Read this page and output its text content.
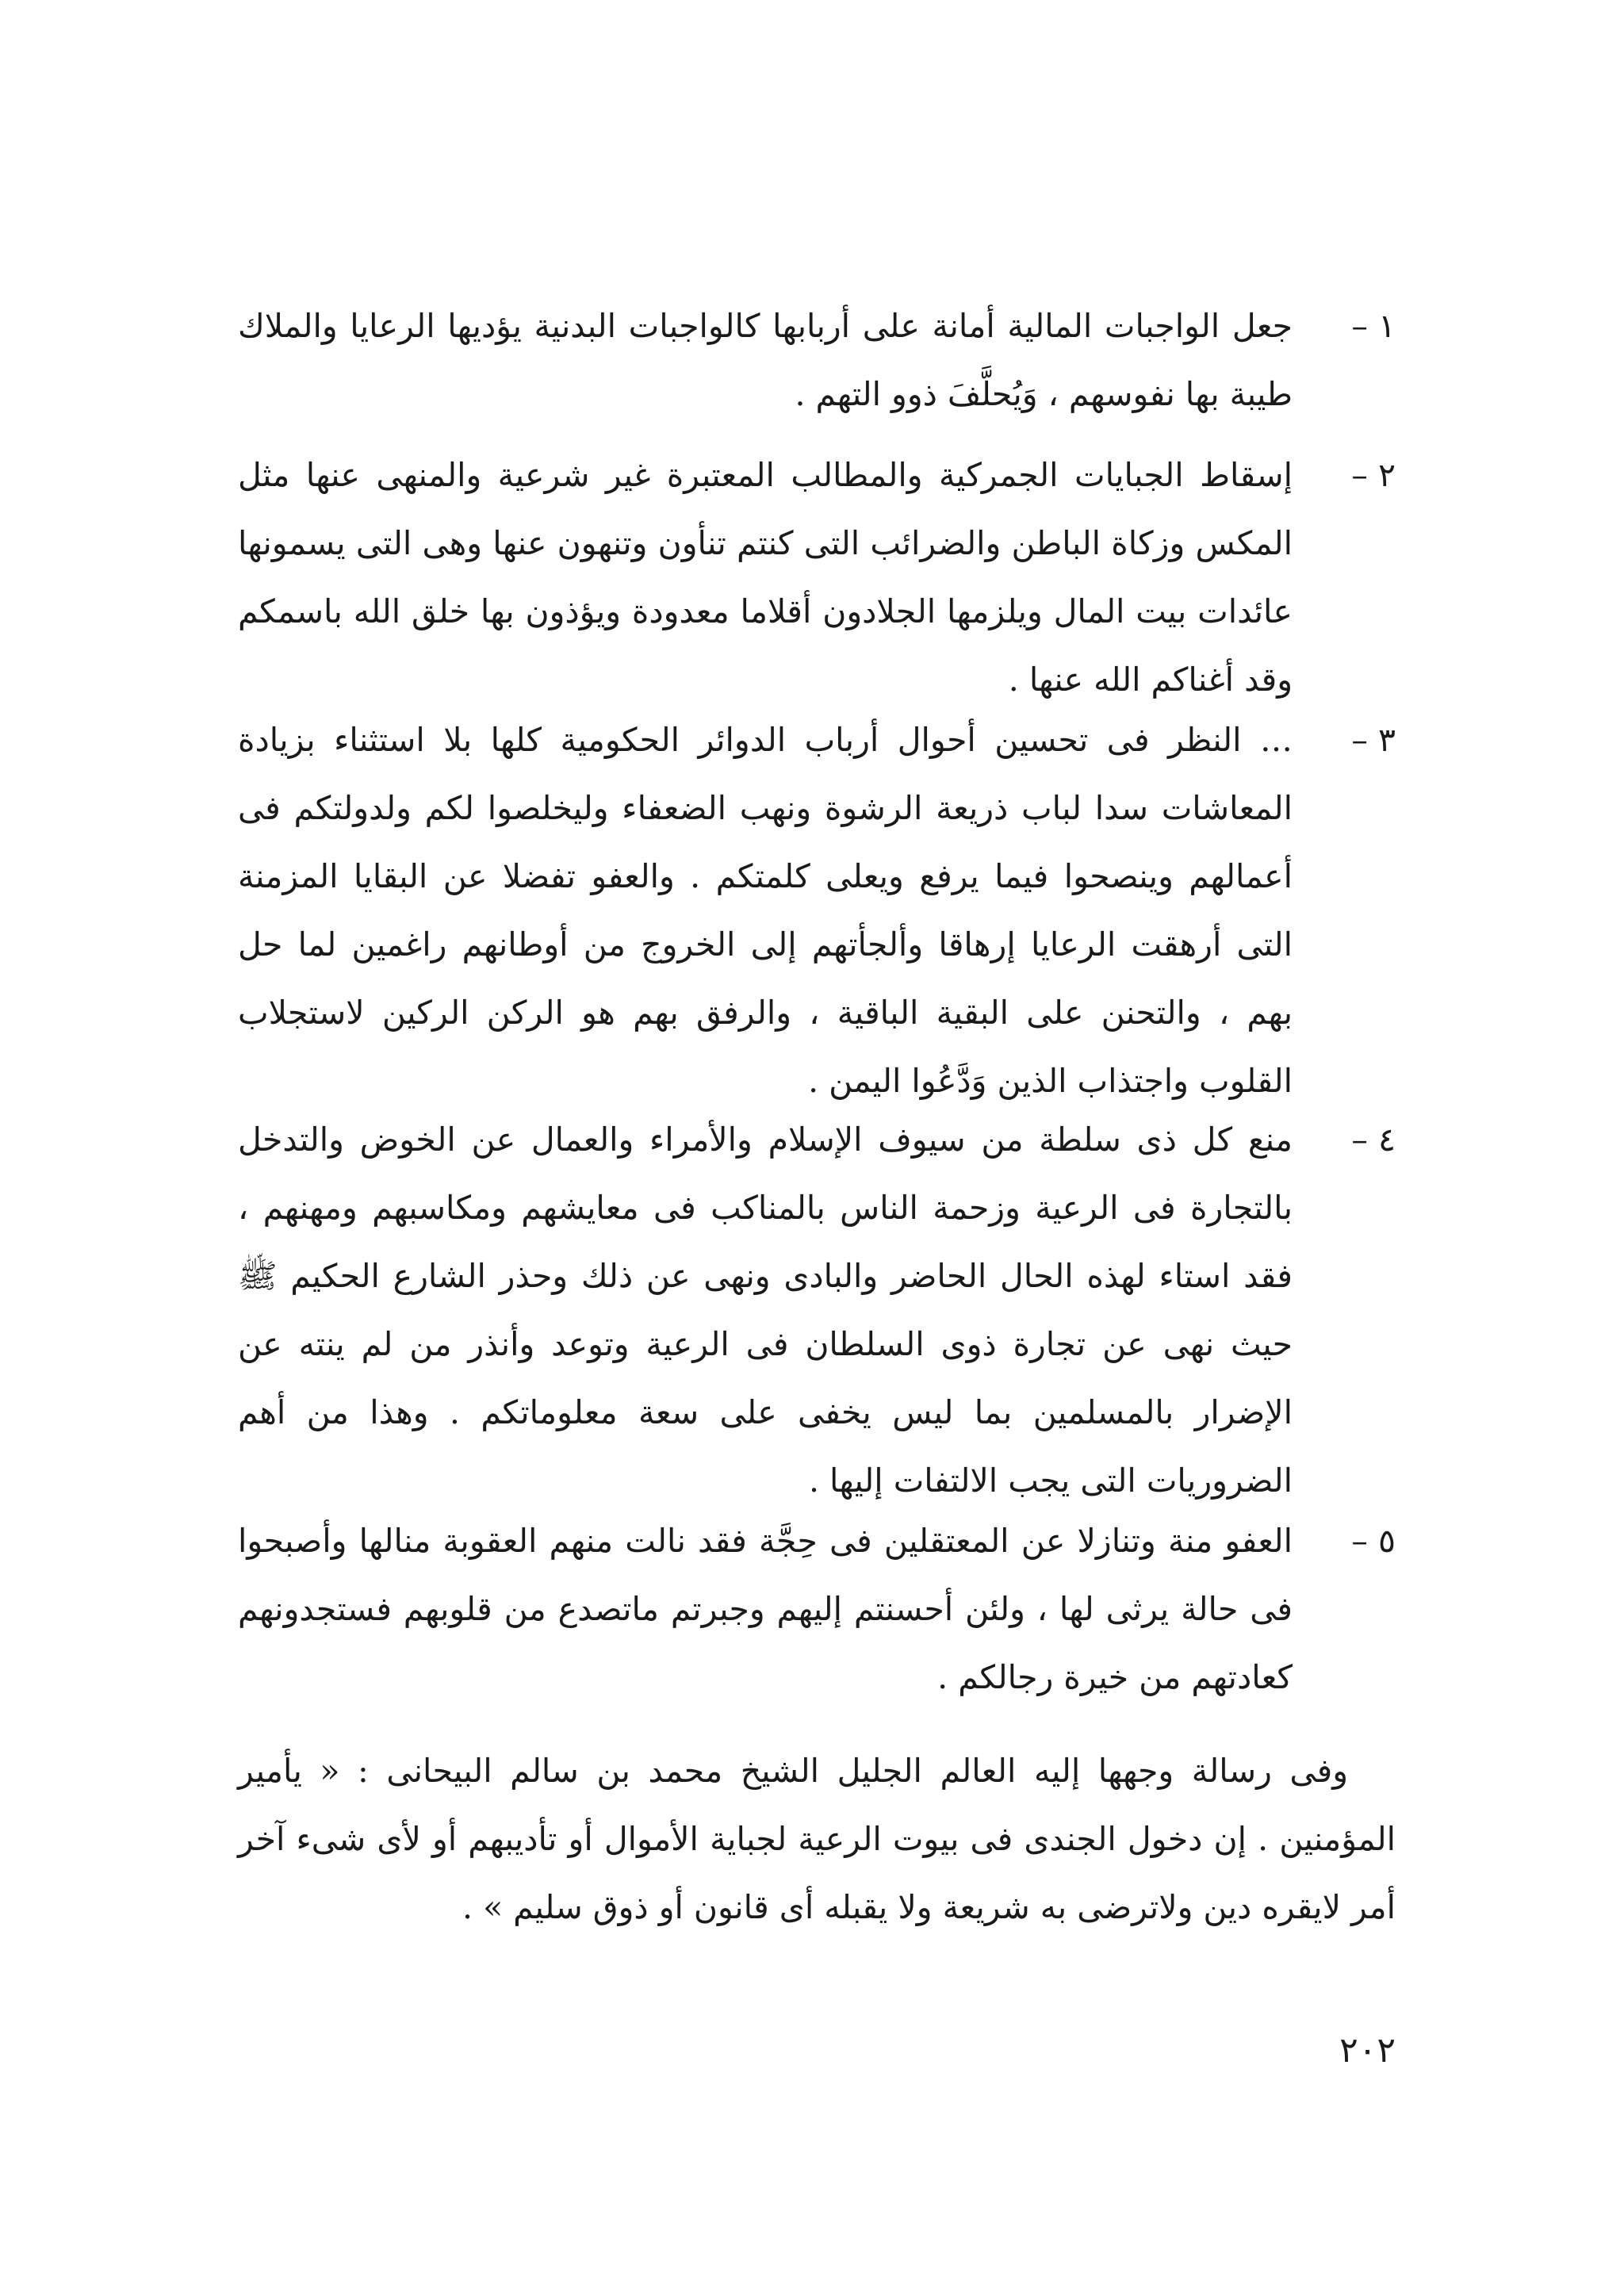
١ –
جعل الواجبات المالية أمانة على أربابها كالواجبات البدنية يؤديها الرعايا والملاك طيبة بها نفوسهم ، وَيُحلَّفَ ذوو التهم .
٢ –
إسقاط الجبايات الجمركية والمطالب المعتبرة غير شرعية والمنهى عنها مثل المكس وزكاة الباطن والضرائب التى كنتم تنأون وتنهون عنها وهى التى يسمونها عائدات بيت المال ويلزمها الجلادون أقلاما معدودة ويؤذون بها خلق الله باسمكم وقد أغناكم الله عنها .
٣ –
… النظر فى تحسين أحوال أرباب الدوائر الحكومية كلها بلا استثناء بزيادة المعاشات سدا لباب ذريعة الرشوة ونهب الضعفاء وليخلصوا لكم ولدولتكم فى أعمالهم وينصحوا فيما يرفع ويعلى كلمتكم . والعفو تفضلا عن البقايا المزمنة التى أرهقت الرعايا إرهاقا وألجأتهم إلى الخروج من أوطانهم راغمين لما حل بهم ، والتحنن على البقية الباقية ، والرفق بهم هو الركن الركين لاستجلاب القلوب واجتذاب الذين وَدَّعُوا اليمن .
٤ –
منع كل ذى سلطة من سيوف الإسلام والأمراء والعمال عن الخوض والتدخل بالتجارة فى الرعية وزحمة الناس بالمناكب فى معايشهم ومكاسبهم ومهنهم ، فقد استاء لهذه الحال الحاضر والبادى ونهى عن ذلك وحذر الشارع الحكيم ﷺ حيث نهى عن تجارة ذوى السلطان فى الرعية وتوعد وأنذر من لم ينته عن الإضرار بالمسلمين بما ليس يخفى على سعة معلوماتكم . وهذا من أهم الضروريات التى يجب الالتفات إليها .
٥ –
العفو منة وتنازلا عن المعتقلين فى حِجَّة فقد نالت منهم العقوبة منالها وأصبحوا فى حالة يرثى لها ، ولئن أحسنتم إليهم وجبرتم ماتصدع من قلوبهم فستجدونهم كعادتهم من خيرة رجالكم .
وفى رسالة وجهها إليه العالم الجليل الشيخ محمد بن سالم البيحانى : « يأمير المؤمنين . إن دخول الجندى فى بيوت الرعية لجباية الأموال أو تأديبهم أو لأى شىء آخر أمر لايقره دين ولاترضى به شريعة ولا يقبله أى قانون أو ذوق سليم » .
٢٠٢
